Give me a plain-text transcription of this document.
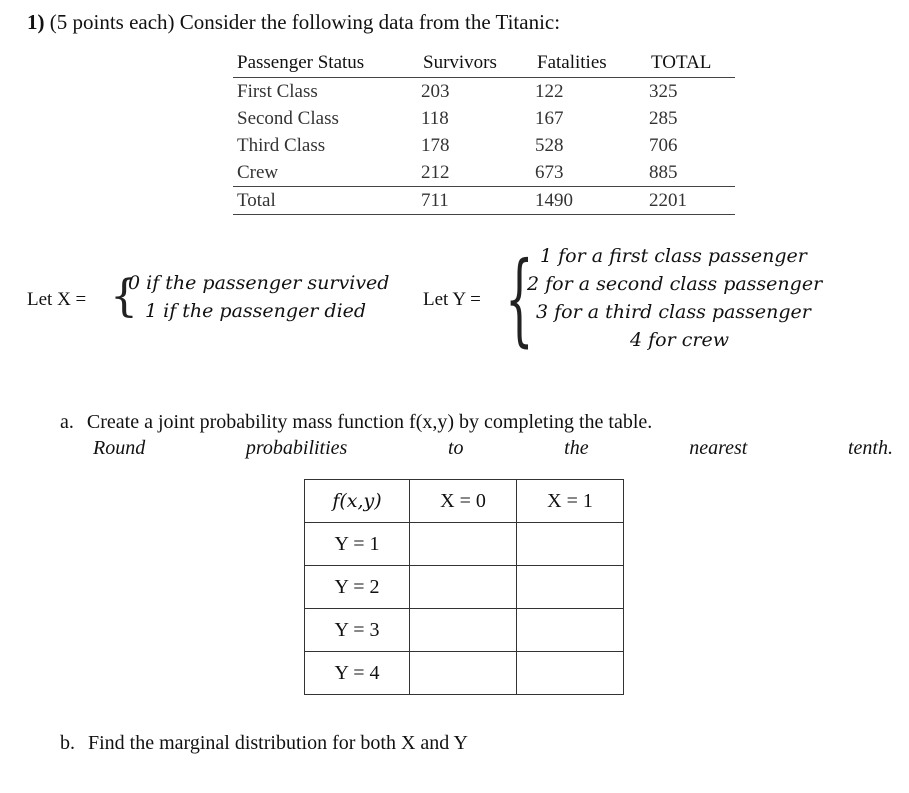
1) (5 points each) Consider the following data from the Titanic:
Passenger Status	Survivors	Fatalities	TOTAL
First Class	203	122	325
Second Class	118	167	285
Third Class	178	528	706
Crew	212	673	885
Total	711	1490	2201
Let X = {
0 if the passenger survived
1 if the passenger died
Let Y = { 1 for a first class passenger
2 for a second class passenger
3 for a third class passenger
4 for crew
a. Create a joint probability mass function f(x,y) by completing the table.
Round probabilities to the nearest tenth.
f(x,y)	X = 0	X = 1
Y = 1		
Y = 2		
Y = 3		
Y = 4		
b. Find the marginal distribution for both X and Y
